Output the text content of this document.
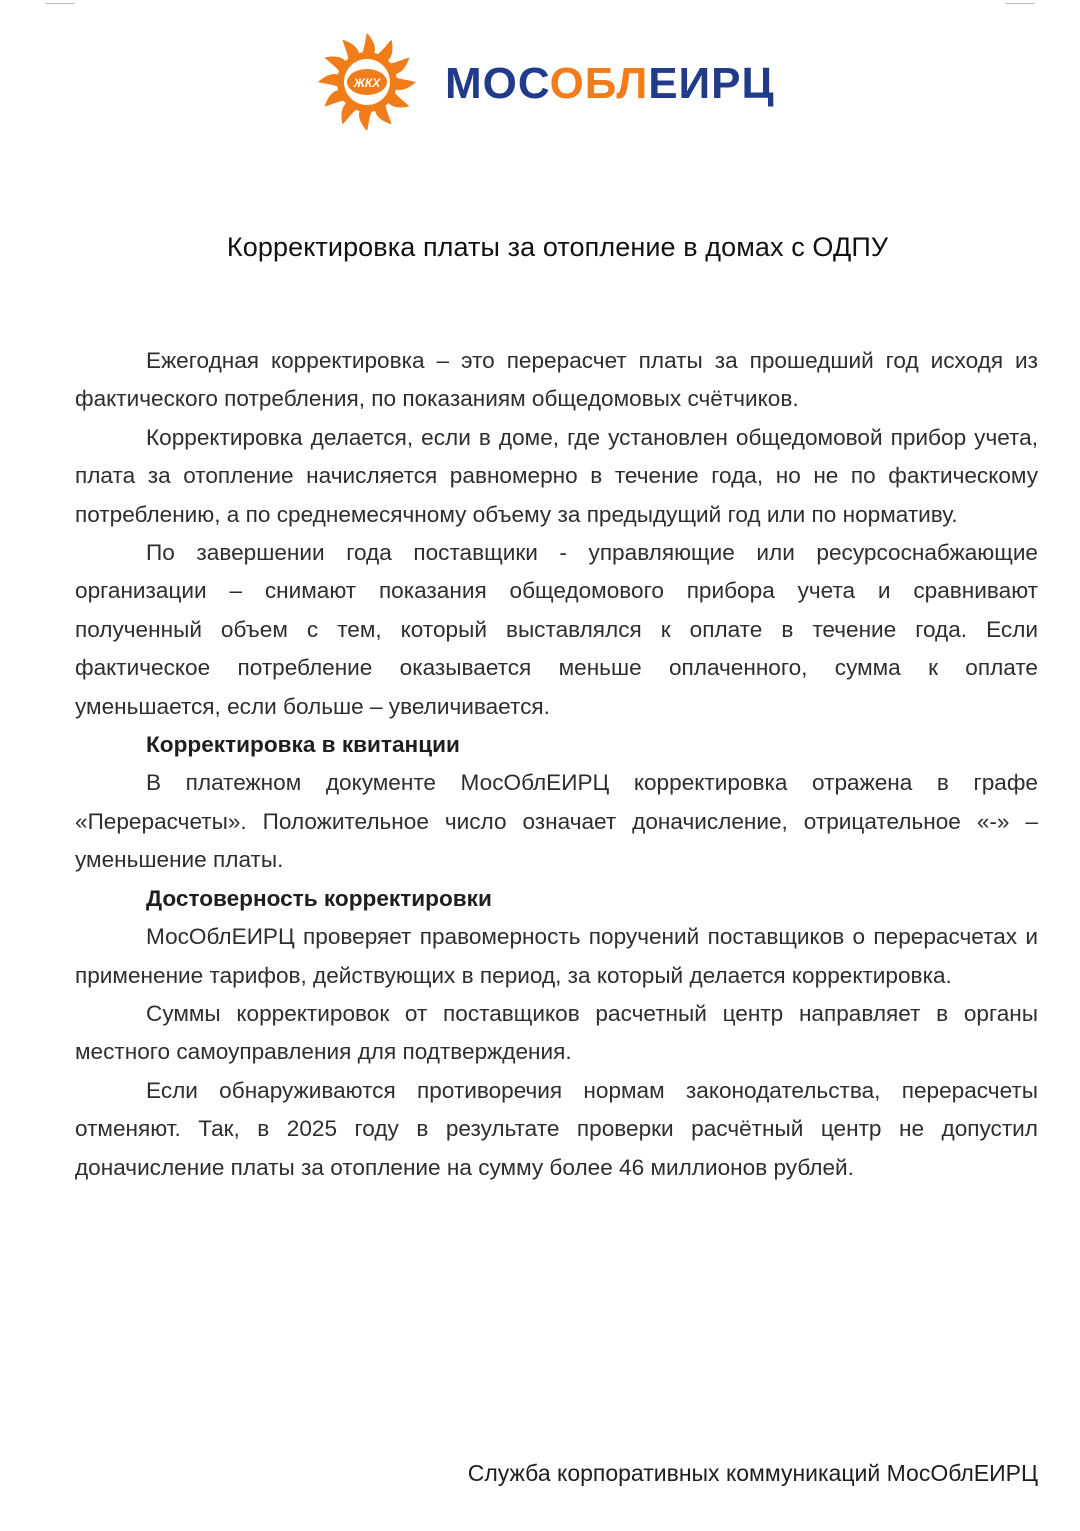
ЖКХ МОСОБЛЕИРЦ
Корректировка платы за отопление в домах с ОДПУ

Ежегодная корректировка – это перерасчет платы за прошедший год исходя из фактического потребления, по показаниям общедомовых счётчиков.

Корректировка делается, если в доме, где установлен общедомовой прибор учета, плата за отопление начисляется равномерно в течение года, но не по фактическому потреблению, а по среднемесячному объему за предыдущий год или по нормативу.

По завершении года поставщики - управляющие или ресурсоснабжающие организации – снимают показания общедомового прибора учета и сравнивают полученный объем с тем, который выставлялся к оплате в течение года. Если фактическое потребление оказывается меньше оплаченного, сумма к оплате уменьшается, если больше – увеличивается.

Корректировка в квитанции

В платежном документе МосОблЕИРЦ корректировка отражена в графе «Перерасчеты». Положительное число означает доначисление, отрицательное «-» – уменьшение платы.

Достоверность корректировки

МосОблЕИРЦ проверяет правомерность поручений поставщиков о перерасчетах и применение тарифов, действующих в период, за который делается корректировка.

Суммы корректировок от поставщиков расчетный центр направляет в органы местного самоуправления для подтверждения.

Если обнаруживаются противоречия нормам законодательства, перерасчеты отменяют. Так, в 2025 году в результате проверки расчётный центр не допустил доначисление платы за отопление на сумму более 46 миллионов рублей.

Служба корпоративных коммуникаций МосОблЕИРЦ
